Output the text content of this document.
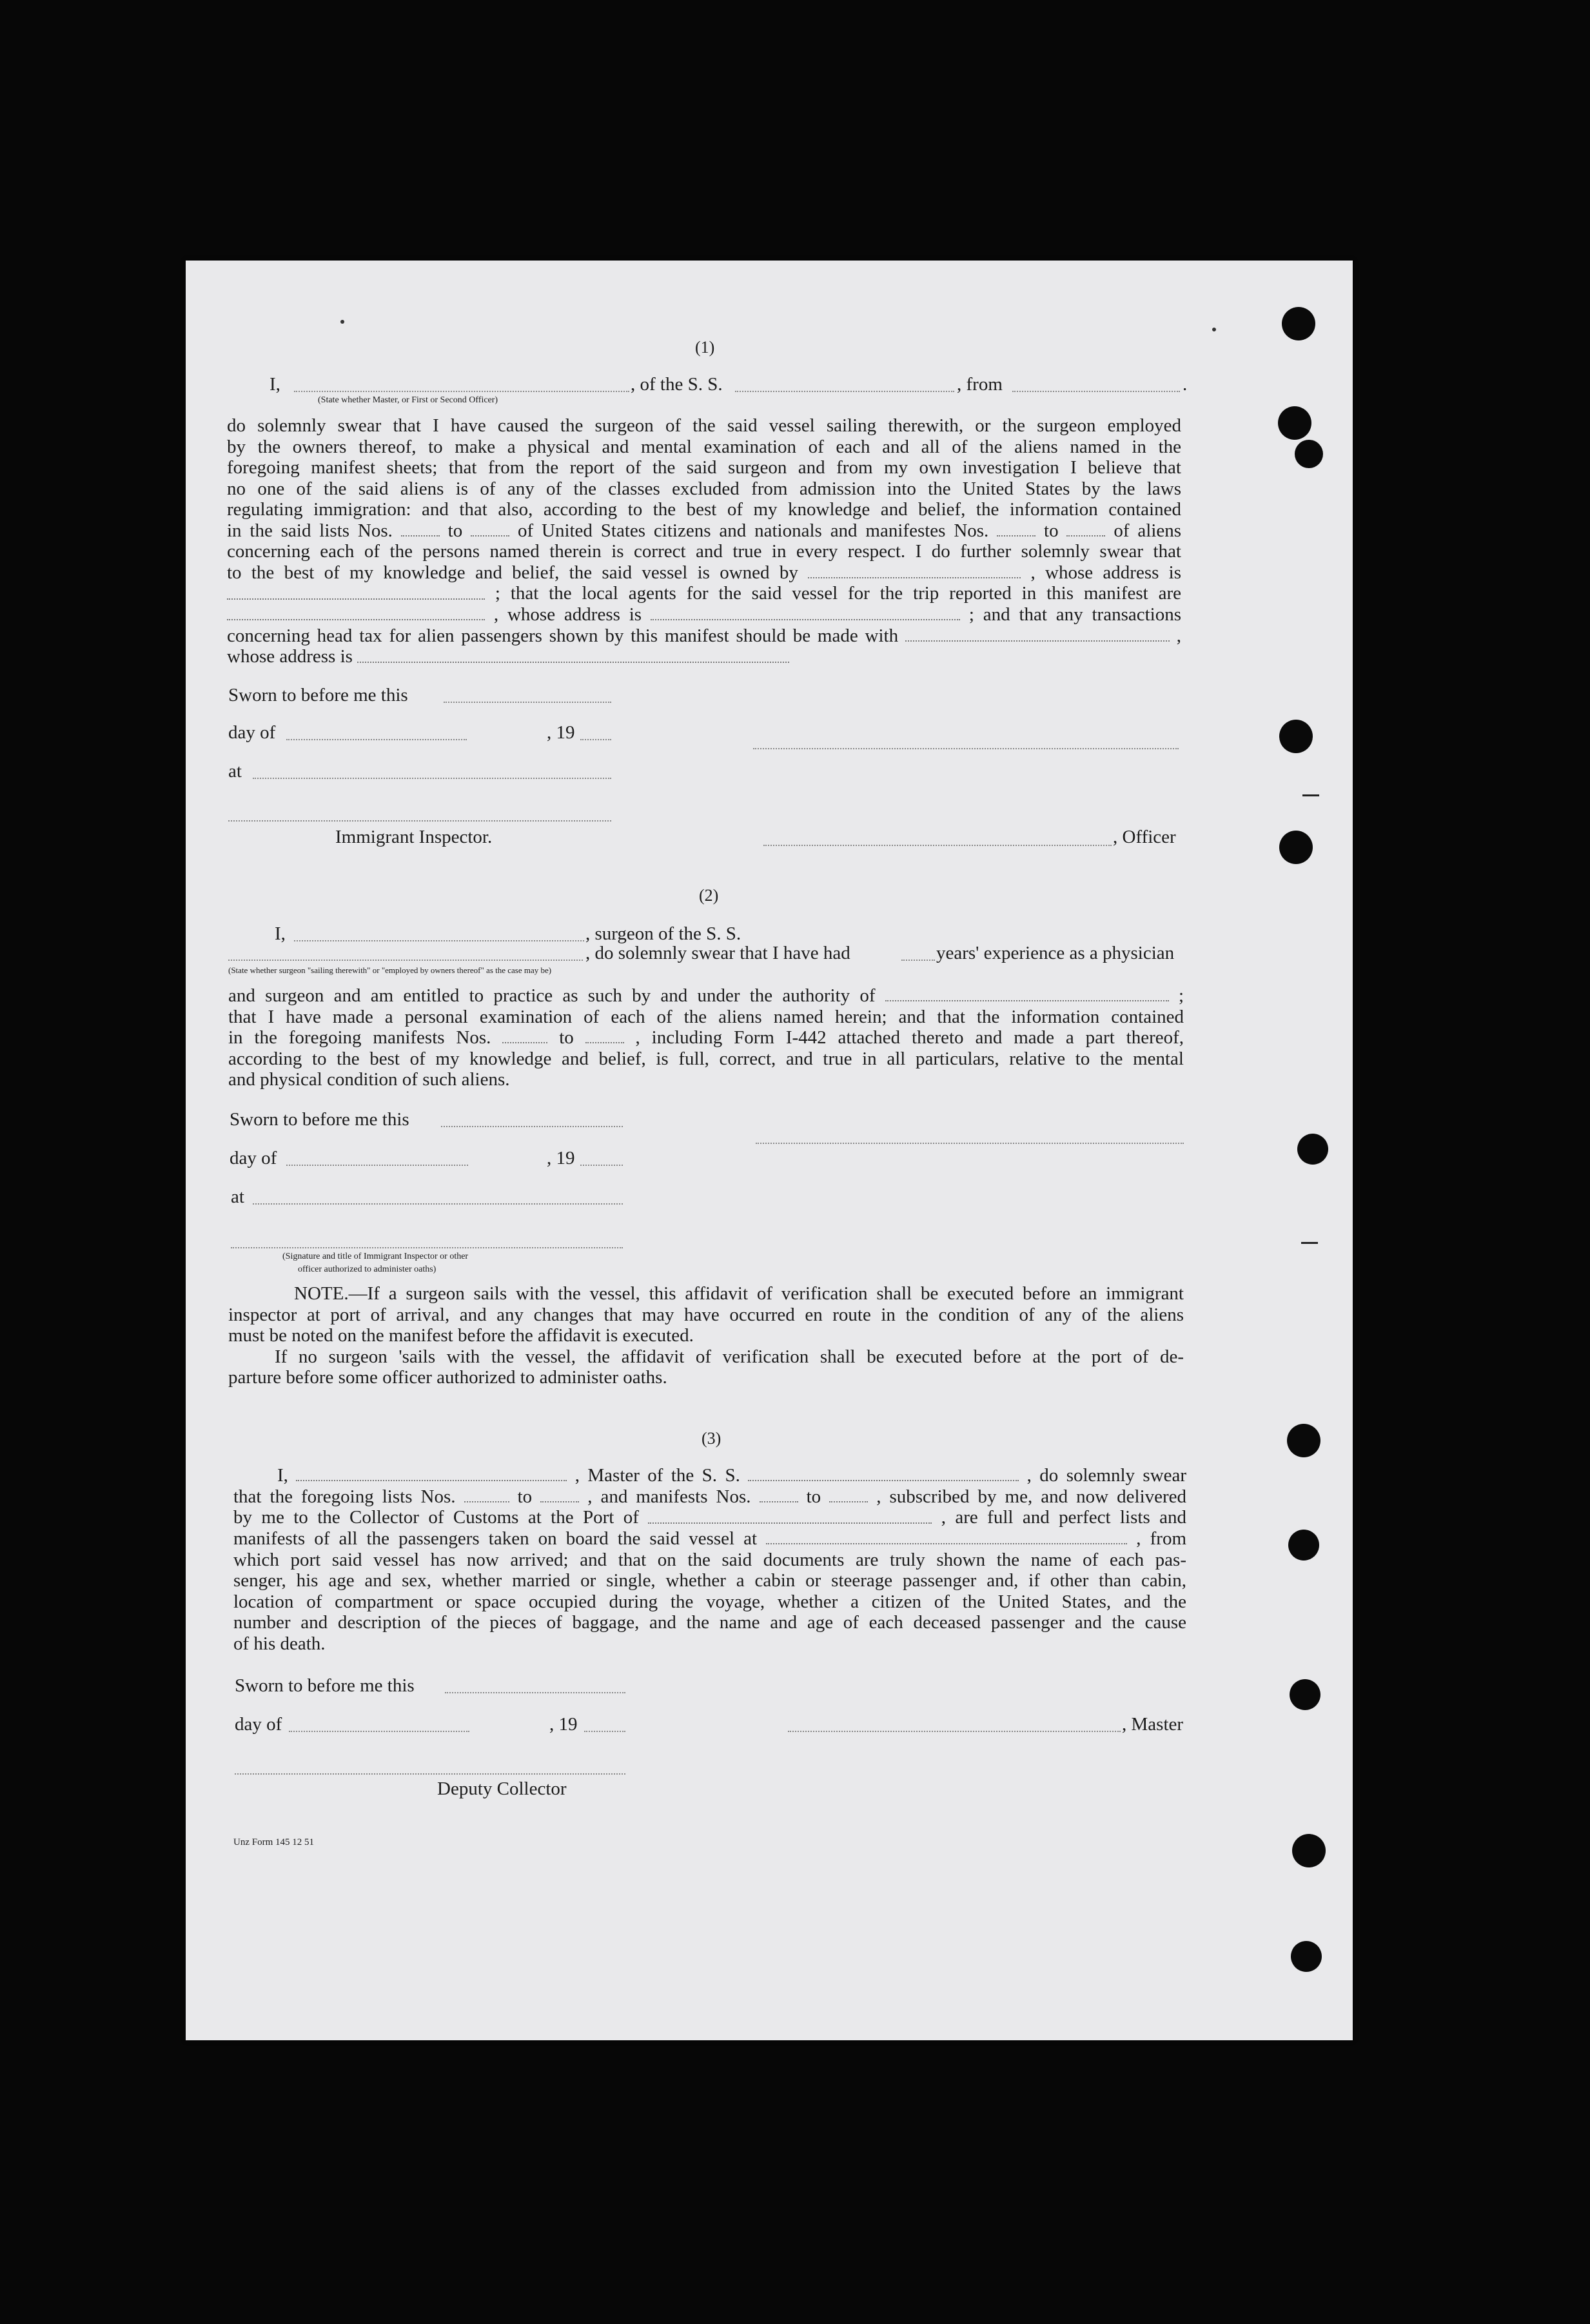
(1)
I,	, of the S. S.	, from	.
(State whether Master, or First or Second Officer)
do solemnly swear that I have caused the surgeon of the said vessel sailing therewith, or the surgeon employed
by the owners thereof, to make a physical and mental examination of each and all of the aliens named in the
foregoing manifest sheets; that from the report of the said surgeon and from my own investigation I believe that
no one of the said aliens is of any of the classes excluded from admission into the United States by the laws
regulating immigration: and that also, according to the best of my knowledge and belief, the information contained
in the said lists Nos.	to	of United States citizens and nationals and manifestes Nos.	to	of aliens
concerning each of the persons named therein is correct and true in every respect. I do further solemnly swear that
to the best of my knowledge and belief, the said vessel is owned by	, whose address is
; that the local agents for the said vessel for the trip reported in this manifest are
, whose address is	; and that any transactions
concerning head tax for alien passengers shown by this manifest should be made with	,
whose address is
Sworn to before me this
day of	, 19
at
Immigrant Inspector.	, Officer
(2)
I,	, surgeon of the S. S.
, do solemnly swear that I have had	years' experience as a physician
(State whether surgeon "sailing therewith" or "employed by owners thereof" as the case may be)
and surgeon and am entitled to practice as such by and under the authority of	;
that I have made a personal examination of each of the aliens named herein; and that the information contained
in the foregoing manifests Nos.	to	, including Form I-442 attached thereto and made a part thereof,
according to the best of my knowledge and belief, is full, correct, and true in all particulars, relative to the mental
and physical condition of such aliens.
Sworn to before me this
day of	, 19
at
(Signature and title of Immigrant Inspector or other
officer authorized to administer oaths)
NOTE.—If a surgeon sails with the vessel, this affidavit of verification shall be executed before an immigrant
inspector at port of arrival, and any changes that may have occurred en route in the condition of any of the aliens
must be noted on the manifest before the affidavit is executed.
If no surgeon 'sails with the vessel, the affidavit of verification shall be executed before at the port of de-
parture before some officer authorized to administer oaths.
(3)
I,	, Master of the S. S.	, do solemnly swear
that the foregoing lists Nos.	to	, and manifests Nos.	to	, subscribed by me, and now delivered
by me to the Collector of Customs at the Port of	, are full and perfect lists and
manifests of all the passengers taken on board the said vessel at	, from
which port said vessel has now arrived; and that on the said documents are truly shown the name of each pas-
senger, his age and sex, whether married or single, whether a cabin or steerage passenger and, if other than cabin,
location of compartment or space occupied during the voyage, whether a citizen of the United States, and the
number and description of the pieces of baggage, and the name and age of each deceased passenger and the cause
of his death.
Sworn to before me this
day of	, 19	, Master
Deputy Collector
Unz Form 145 12 51
